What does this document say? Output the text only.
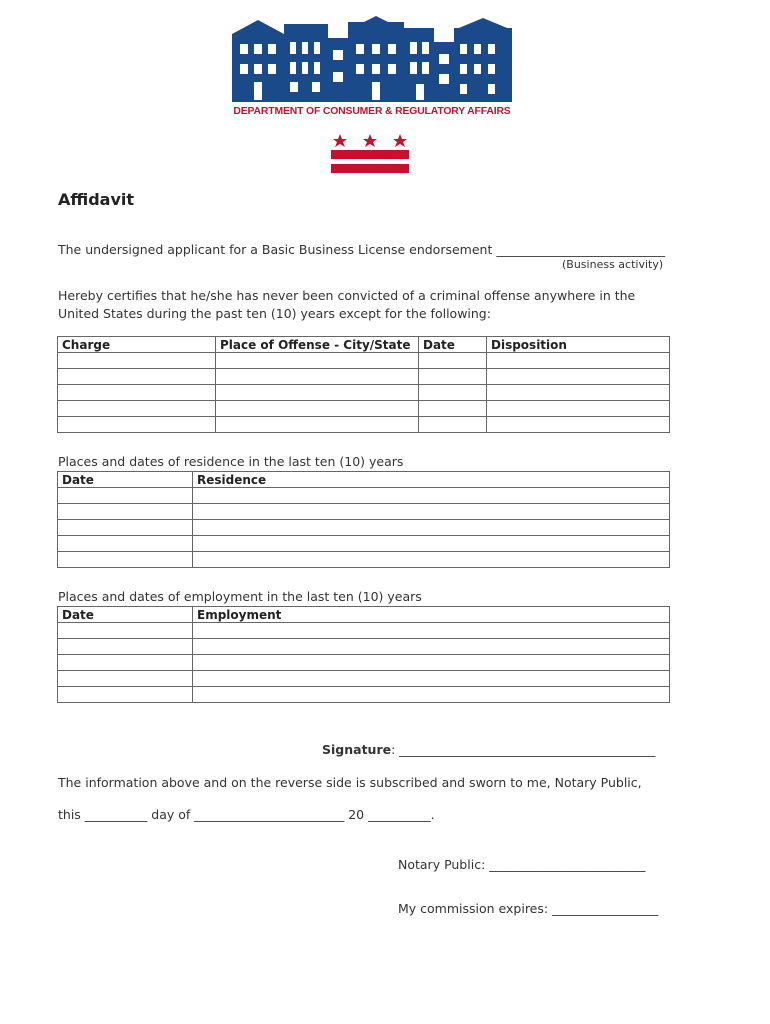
DEPARTMENT OF CONSUMER & REGULATORY AFFAIRS
Affidavit
The undersigned applicant for a Basic Business License endorsement ___________________________
(Business activity)
Hereby certifies that he/she has never been convicted of a criminal offense anywhere in the
United States during the past ten (10) years except for the following:
Charge	Place of Offense - City/State	Date	Disposition

Places and dates of residence in the last ten (10) years
Date	Residence

Places and dates of employment in the last ten (10) years
Date	Employment

Signature: _________________________________________
The information above and on the reverse side is subscribed and sworn to me, Notary Public,
this __________ day of ________________________ 20 __________.
Notary Public: _________________________
My commission expires: _________________
